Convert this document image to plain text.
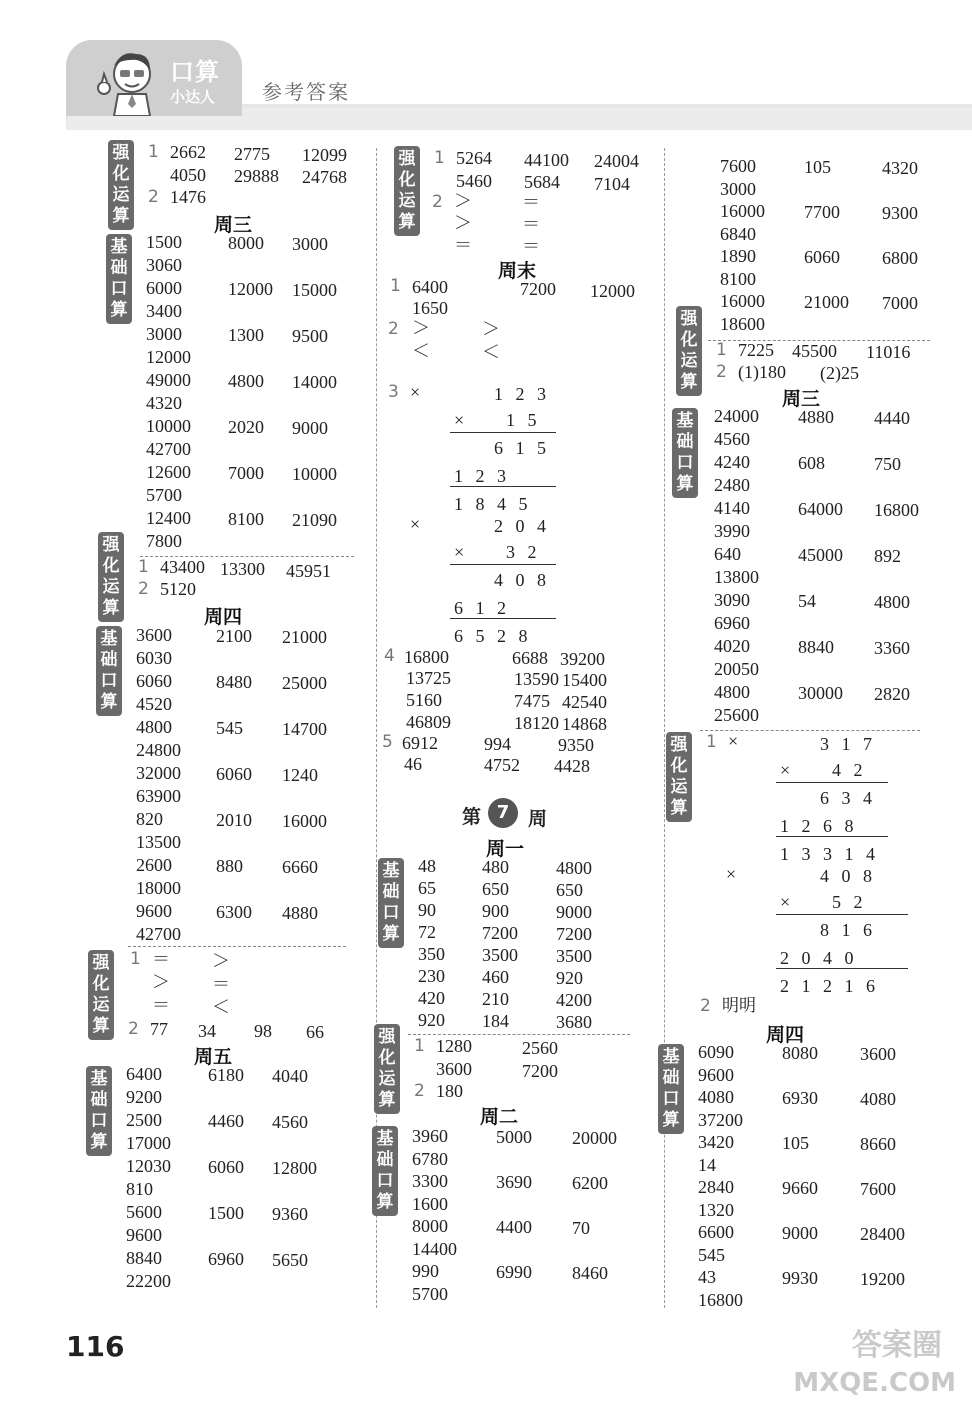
口算
小达人 参考答案
强化运算
1 2662 2775 12099
4050 29888 24768
2 1476
周三
基础口算
1500	8000 3000
3060
6000	12000 15000
3400
3000	1300 9500
12000
49000 4800 14000
4320
10000 2020 9000
42700
12600 7000 10000
5700
12400 8100 21090
7800
强化运算
1 43400 13300 45951
2 5120
周四
基础口算
3600 2100 21000
6030
6060 8480 25000
4520
4800 545 14700
24800
32000 6060 1240
63900
820	2010 16000
13500
2600 880 6660
18000
9600 6300 4880
42700
强化运算
1 ＝ ＞
＞ ＝
＝ ＜
2 77 34 98 66
周五
基础口算
6400	6180 4040
9200
2500	4460 4560
17000
12030 6060 12800
810
5600	1500 9360
9600
8840	6960 5650
22200
强化运算
1 5264 44100 24004
5460 5684 7104
2 ＞	＝
＞	＝
＝	＝
周末
1 6400	7200 12000
1650
2 ＞	＞
＜	＜
3 ×	1 2 3
× 1 5
6 1 5
1 2 3
1 8 4 5
×	2 0 4
× 3 2
4 0 8
6 1 2
6 5 2 8
4 16800	6688 39200
13725	13590 15400
5160	7475 42540
46809	18120 14868
5 6912	994	9350
46	4752 4428
第 7 周
周一
基础口算
48	480	4800
65	650	650
90	900	9000
72	7200 7200
350 3500 3500
230 460	920
420 210	4200
920 184	3680
强化运算
1 1280	2560
3600	7200
2 180
周二
基础口算
3960	5000 20000
6780
3300	3690 6200
1600
8000	4400 70
14400
990	6990 8460
5700
7600	105	4320
3000
16000 7700 9300
6840
1890	6060 6800
8100
16000 21000 7000
18600
强化运算
1 7225 45500 11016
2 (1)180 (2)25
周三
基础口算
24000 4880 4440
4560
4240	608	750
2480
4140	64000 16800
3990
640	45000 892
13800
3090	54	4800
6960
4020	8840 3360
20050
4800	30000 2820
25600
强化运算
1 ×	3 1 7
× 4 2
6 3 4
1 2 6 8
1 3 3 1 4
×	4 0 8
× 5 2
8 1 6
2 0 4 0
2 1 2 1 6
2 明明
周四
基础口算
6090	8080 3600
9600
4080	6930 4080
37200
3420	105	8660
14
2840	9660 7600
1320
6600	9000 28400
545
43	9930 19200
16800
116	答案圈
MXQE.COM
